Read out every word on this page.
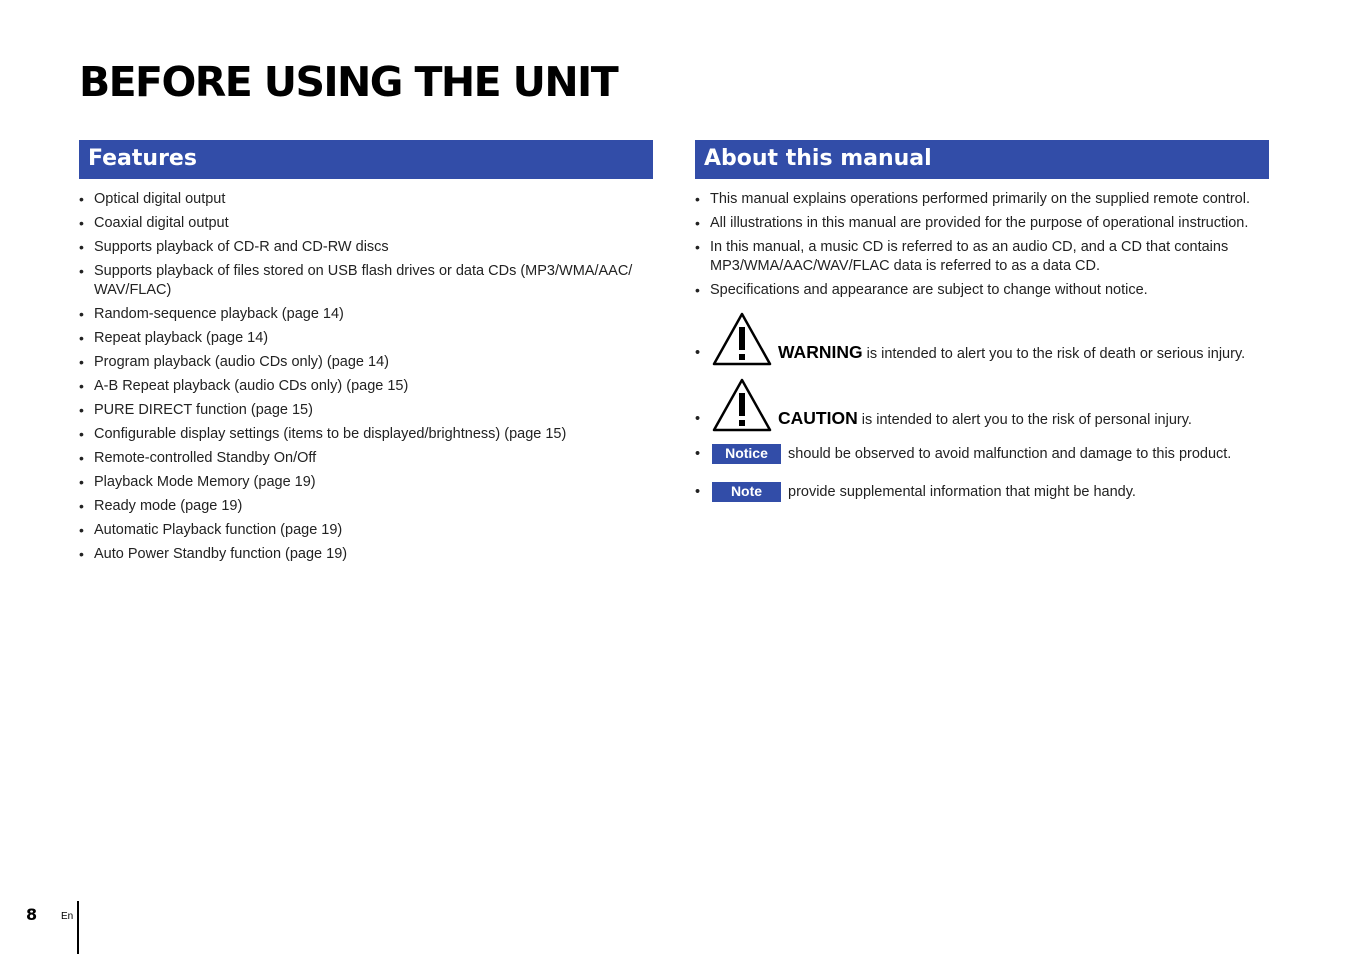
BEFORE USING THE UNIT
Features	About this manual
• Optical digital output
• Coaxial digital output
• Supports playback of CD-R and CD-RW discs
• Supports playback of files stored on USB flash drives or data CDs (MP3/WMA/AAC/ WAV/FLAC)
• Random-sequence playback (page 14)
• Repeat playback (page 14)
• Program playback (audio CDs only) (page 14)
• A-B Repeat playback (audio CDs only) (page 15)
• PURE DIRECT function (page 15)
• Configurable display settings (items to be displayed/brightness) (page 15)
• Remote-controlled Standby On/Off
• Playback Mode Memory (page 19)
• Ready mode (page 19)
• Automatic Playback function (page 19)
• Auto Power Standby function (page 19)
• This manual explains operations performed primarily on the supplied remote control.
• All illustrations in this manual are provided for the purpose of operational instruction.
• In this manual, a music CD is referred to as an audio CD, and a CD that contains MP3/WMA/AAC/WAV/FLAC data is referred to as a data CD.
• Specifications and appearance are subject to change without notice.
•	WARNING is intended to alert you to the risk of death or serious injury.
•	CAUTION is intended to alert you to the risk of personal injury.
•	Notice	should be observed to avoid malfunction and damage to this product.
•	Note	provide supplemental information that might be handy.
8 En
